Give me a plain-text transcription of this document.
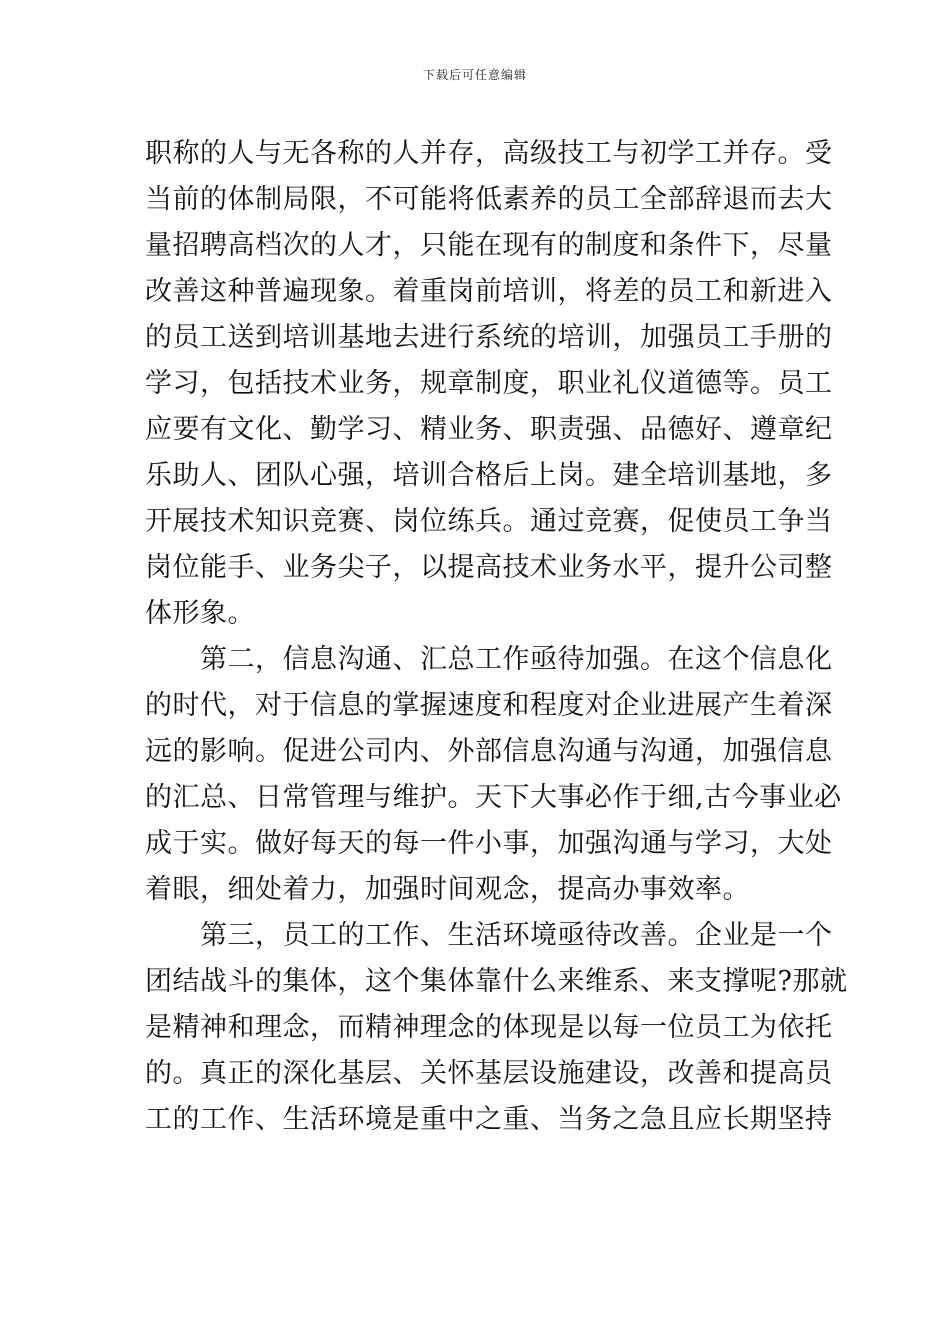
下载后可任意编辑
职称的人与无各称的人并存，高级技工与初学工并存。受
当前的体制局限，不可能将低素养的员工全部辞退而去大
量招聘高档次的人才，只能在现有的制度和条件下，尽量
改善这种普遍现象。着重岗前培训，将差的员工和新进入
的员工送到培训基地去进行系统的培训，加强员工手册的
学习，包括技术业务，规章制度，职业礼仪道德等。员工
应要有文化、勤学习、精业务、职责强、品德好、遵章纪
乐助人、团队心强，培训合格后上岗。建全培训基地，多
开展技术知识竞赛、岗位练兵。通过竞赛，促使员工争当
岗位能手、业务尖子，以提高技术业务水平，提升公司整
体形象。
　　第二，信息沟通、汇总工作亟待加强。在这个信息化
的时代，对于信息的掌握速度和程度对企业进展产生着深
远的影响。促进公司内、外部信息沟通与沟通，加强信息
的汇总、日常管理与维护。天下大事必作于细,古今事业必
成于实。做好每天的每一件小事，加强沟通与学习，大处
着眼，细处着力，加强时间观念，提高办事效率。
　　第三，员工的工作、生活环境亟待改善。企业是一个
团结战斗的集体，这个集体靠什么来维系、来支撑呢?那就
是精神和理念，而精神理念的体现是以每一位员工为依托
的。真正的深化基层、关怀基层设施建设，改善和提高员
工的工作、生活环境是重中之重、当务之急且应长期坚持
